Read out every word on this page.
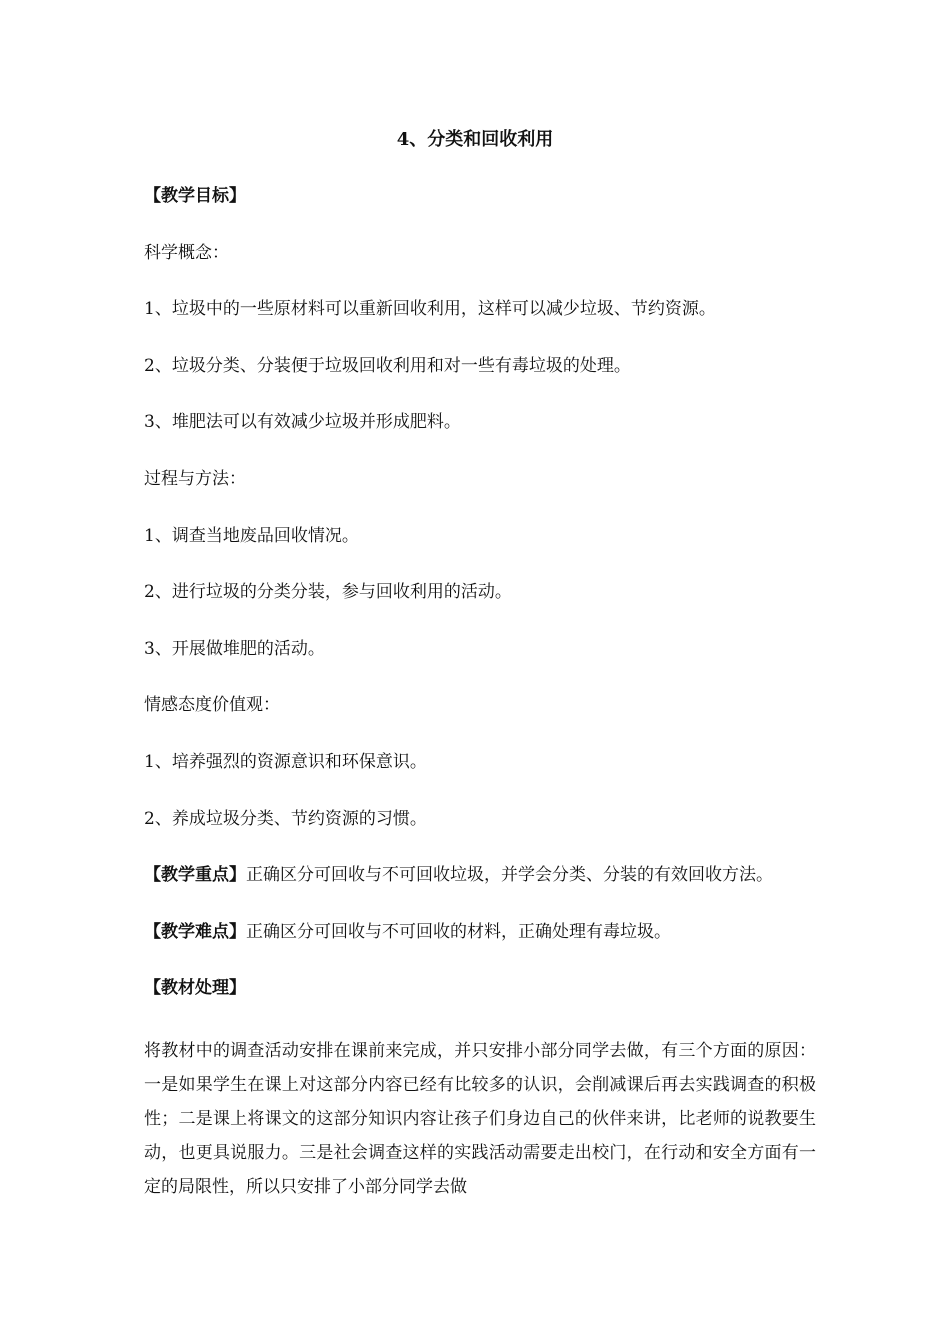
4、分类和回收利用

【教学目标】

科学概念：

1、垃圾中的一些原材料可以重新回收利用，这样可以减少垃圾、节约资源。

2、垃圾分类、分装便于垃圾回收利用和对一些有毒垃圾的处理。

3、堆肥法可以有效减少垃圾并形成肥料。

过程与方法：

1、调查当地废品回收情况。

2、进行垃圾的分类分装，参与回收利用的活动。

3、开展做堆肥的活动。

情感态度价值观：

1、培养强烈的资源意识和环保意识。

2、养成垃圾分类、节约资源的习惯。

【教学重点】正确区分可回收与不可回收垃圾，并学会分类、分装的有效回收方法。

【教学难点】正确区分可回收与不可回收的材料，正确处理有毒垃圾。

【教材处理】

将教材中的调查活动安排在课前来完成，并只安排小部分同学去做，有三个方面的原因：一是如果学生在课上对这部分内容已经有比较多的认识，会削减课后再去实践调查的积极性；二是课上将课文的这部分知识内容让孩子们身边自己的伙伴来讲，比老师的说教要生动，也更具说服力。三是社会调查这样的实践活动需要走出校门，在行动和安全方面有一定的局限性，所以只安排了小部分同学去做
